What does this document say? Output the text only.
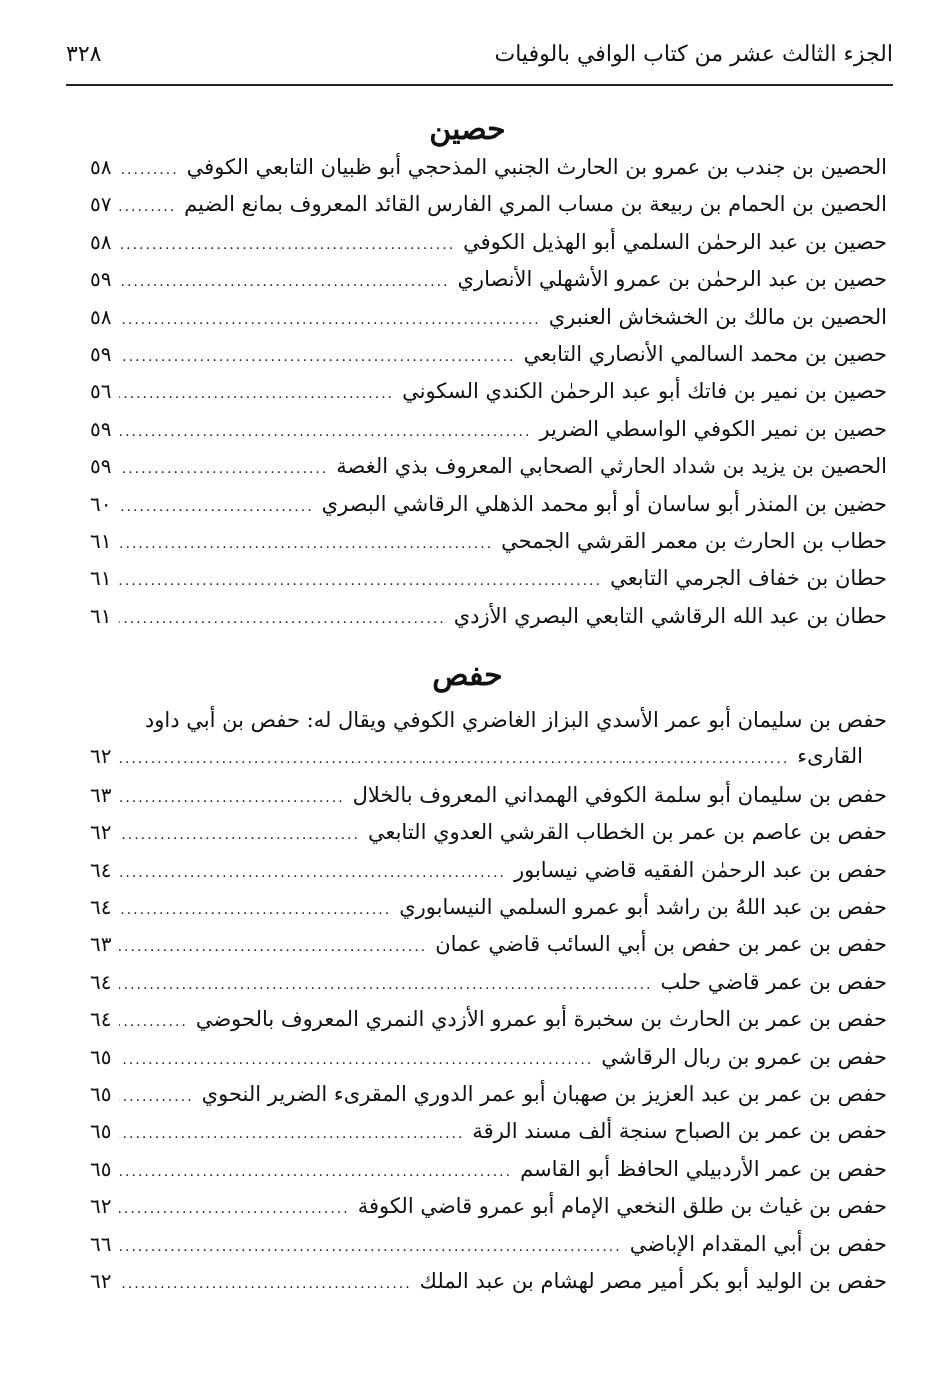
الجزء الثالث عشر من كتاب الوافي بالوفيات
٣٢٨
حصين
حفص
الحصين بن جندب بن عمرو بن الحارث الجنبي المذحجي أبو ظبيان التابعي الكوفي
.....
٥٨
الحصين بن الحمام بن ربيعة بن مساب المري الفارس القائد المعروف بمانع الضيم
.....
٥٧
حصين بن عبد الرحمٰن السلمي أبو الهذيل الكوفي
.....
٥٨
حصين بن عبد الرحمٰن بن عمرو الأشهلي الأنصاري
.....
٥٩
الحصين بن مالك بن الخشخاش العنبري
.....
٥٨
حصين بن محمد السالمي الأنصاري التابعي
.....
٥٩
حصين بن نمير بن فاتك أبو عبد الرحمٰن الكندي السكوني
.....
٥٦
حصين بن نمير الكوفي الواسطي الضرير
.....
٥٩
الحصين بن يزيد بن شداد الحارثي الصحابي المعروف بذي الغصة
.....
٥٩
حضين بن المنذر أبو ساسان أو أبو محمد الذهلي الرقاشي البصري
.....
٦٠
حطاب بن الحارث بن معمر القرشي الجمحي
.....
٦١
حطان بن خفاف الجرمي التابعي
.....
٦١
حطان بن عبد الله الرقاشي التابعي البصري الأزدي
.....
٦١
حفص بن سليمان أبو عمر الأسدي البزاز الغاضري الكوفي ويقال له: حفص بن أبي داود
القارىء
.....
٦٢
حفص بن سليمان أبو سلمة الكوفي الهمداني المعروف بالخلال
.....
٦٣
حفص بن عاصم بن عمر بن الخطاب القرشي العدوي التابعي
.....
٦٢
حفص بن عبد الرحمٰن الفقيه قاضي نيسابور
.....
٦٤
حفص بن عبد اللهُ بن راشد أبو عمرو السلمي النيسابوري
.....
٦٤
حفص بن عمر بن حفص بن أبي السائب قاضي عمان
.....
٦٣
حفص بن عمر قاضي حلب
.....
٦٤
حفص بن عمر بن الحارث بن سخبرة أبو عمرو الأزدي النمري المعروف بالحوضي
.....
٦٤
حفص بن عمرو بن ربال الرقاشي
.....
٦٥
حفص بن عمر بن عبد العزيز بن صهبان أبو عمر الدوري المقرىء الضرير النحوي
.....
٦٥
حفص بن عمر بن الصباح سنجة ألف مسند الرقة
.....
٦٥
حفص بن عمر الأردبيلي الحافظ أبو القاسم
.....
٦٥
حفص بن غياث بن طلق النخعي الإمام أبو عمرو قاضي الكوفة
.....
٦٢
حفص بن أبي المقدام الإباضي
.....
٦٦
حفص بن الوليد أبو بكر أمير مصر لهشام بن عبد الملك
.....
٦٢
